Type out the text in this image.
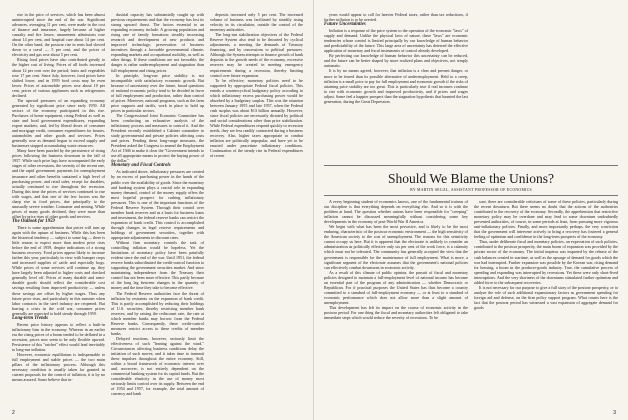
rise in the price of services, which has been almost uninterrupted since the end of the war. Significant advances, averaging 11 per cent, were made in the cost of finance and insurance, largely because of higher casualty and fire losses; amusement admissions rose about 14 per cent, and hospital care about 14 per cent. On the other hand, the postwar rise in rents had slowed down to a crawl — 5 per cent, and the prices of electricity and gas rose about 5 per cent.

Rising food prices have also contributed greatly to the higher cost of living. Prices of all foods increased about 12 per cent over the period; fruits and vegetables rose 17 per cent. Since July, however, food prices have shifted lower, and in 1959 food costs may be even lower. Prices of automobile prices rose about 10 per cent, prices of various appliances such as refrigerators declined.

The upward pressures of an expanding economy generated by significant price since early 1959. All sectors of the economy participated in this rise. Purchases of home equipment, rising Federal as well as state and local government expenditures, expanding export markets; and, fed by liberal doses of consumer and mortgage credit, consumer expenditures for houses, automobiles and other goods and services. Prices generally rose as demand began to exceed supply and businesses stopped accumulating waste resources.

Many have been puzzled by the persistence of rising prices following the business downturn in the fall of 1957. While such price lags have accompanied the early stages of other recessions, the severity of the recent one, and the rapid government payments for unemployment insurance and other benefits sustained a high level of purchasing power, and retail sales, except for durables, actually continued to rise throughout the recession. During this time the prices of services continued to rise with wages, and that one of the few factors was the sharp rise in food prices, due principally to the unusually severe weather. Consumer and mining. While prices of many goods declined, they were more than offset by price rises of other goods and services.

The Outlook for 1959

There is some apprehension that prices will turn up again with the upturn of business. While this has been the historical tendency — subject to some lag — there is little reason to expect more than modest price rises before the end of 1959, despite indications of a strong business recovery. Food prices appear likely to increase farther this year, particularly in view with bumper crops and increased supplies of cattle and especially hogs. While prices of some services will continue up, they have largely been adjusted to higher costs and checked generally level off. Prices of many durable and semi-durable goods should reflect the considerable cost savings resulting from improved productivity — unless these savings are offset by higher wages. Thus any future price rises, and particularly in this summer when labor contracts in the steel industry are reopened. But barring a crisis in the cold war, consumer prices generally are expected to hold steady through 1959.

Long-term Trends

Recent price history appears to reflect a built-in inflationary bias in the economy. Whereas in an earlier era the rising prices of a boom tended to be deflated in a recession, prices now seem to be only flexible upward. Persistence of this "ratchet" effect would lead inevitably to long-run inflation.

However, economic equilibrium is indispensable to full employment and stable prices — the two main pillars of the inflationary process. Although this necessary condition is usually taken for granted in current proposals for the control of inflation, it is by no means assured. Some believe that in-

dustrial capacity has substantially caught up with previous requirements and that the economy has lost its strong upward thrust. The factors essential to an expanding economy include: A growing population and rising rate of family formation; steadily increasing research and development of new products and improved technology; preservation of business incentives through a favorable governmental climate; expanding markets and occupational mobility, as well as other things. If these conditions are not favorable, the danger is rather underemployment and stagnation than full employment and rising prices.

In principle, long-run price stability is not incompatible with satisfactory economic growth. But because of uncertainty over the future, broad questions of national economic policy tend to be decided in favor of full employment and production, rather than control of prices. Moreover, national programs, such as the farm price supports and tariffs, work in place to hold up prices in particular sectors.

The Congressional Joint Economic Committee has been conducting an exhaustive analysis of the inflationary process and measures to control it. And the President recently established a Cabinet committee to study governmental and private policies affecting costs and prices. Pending these long-range measures, the President asked the Congress to amend the Employment Act of 1946 to make it clear the "Government intends to use all appropriate means to protect the buying power of the dollar."

Monetary and Fiscal Controls

As indicated above, inflationary pressures are created by an excess of purchasing power in the hands of the public over the availability of goods. Since the monetary and banking system plays a crucial role in expanding money demand, control of the money supply offers the most hopeful prospect for curbing inflationary pressures. This is one of the important functions of the Federal Reserve System. Through their control over member bank reserves and as a basis for business loans and investment, the federal reserve banks can restrict the expansion of bank credit. This control is accomplished through changes in legal reserve requirements and holdings of government securities, together with appropriate adjustments in discount rates.

Without firm monetary controls the task of controlling inflation would be hopeless. Yet the limitations of monetary policy have been painfully evident since the end of the war. Until 1951, the federal reserve banks subordinated the credit-control function to supporting the government securities market. And since maintaining independence from the Treasury their control has not been more effective. This partly because of the long lag between changes in the quantity of money and the time they take to become effective.

The Federal Reserve authorities face the threat of inflation by restraints on the expansion of bank credit. This is partly accomplished by reducing their holdings of U.S. securities, thereby restricting member bank reserves, and by raising the rediscount rate, the rate at which member banks may borrow from the Federal Reserve banks. Consequently, these credit-control measures restrict access to these credits of member banks.

Delayed reactions, however, seriously limit the effectiveness of such "leaning against the wind." Circumstances affecting business conditions delay the initiation of such moves; and it takes time to transmit these impulses throughout the entire economy. Still, within a broad framework of economic interest over and, moreover, is not entirely dependent on the commercial banking system for its capital funds. But the considerable elasticity in the use of money most seriously limits control over its supply. Between the end of 1954 and 1957, for example, the total amount of currency and bank

deposits increased only 5 per cent. The increased volume of business was facilitated by steadily rising velocity in its circulation, outside the control of the monetary authorities.

The long-run stabilization objectives of the Federal Reserve System also tend to be thwarted by cyclical adjustments, a meeting the demands of Treasury financing, and by concessions to political pressures. Although the System attempts to finance growth of bank deposits to the growth needs of the economy, excessive reserves may be created in meeting emergency requirements during a recession, thereby limiting control over future expansion.

To be effective, monetary policies need to be supported by appropriate Federal fiscal policies. This entails a countercyclical budgetary policy according to which inflationary excess purchasing power would be absorbed by a budgetary surplus. This was the situation between January 1955 and late 1957, when the Federal cash surplus was about $13 billion annually. However, since fiscal policies are necessarily dictated by political and social considerations other than price stabilization. While Federal expenditures respond quickly to recession needs, they are less readily contracted during a business recovery. Also, higher taxes appropriate to combat inflation are politically unpopular, and have yet to be enacted under peacetime inflationary conditions. Continuation of the steady rise in Federal expenditures of recent

2

years would appear to call for heavier Federal taxes, rather than tax reductions, if further inflation is to be averted.

Future Uncertainties

Inflation is a response of the price system to the operation of the economic "laws" of supply and demand. Unlike the physical laws of nature, these "laws" are economic tendencies whose control is limited principally by our knowledge of human behavior and predictability of the future. This large area of uncertainty has deterred the effective application of monetary and fiscal instruments of control already developed.

By perfecting our knowledge of human behavior this uncertainty can be reduced, and the future can be better shaped by more realized plans and objectives, not simply automatic.

It is by no means agreed, however, that inflation is a clear and present danger, or more to be feared than its possible alternative of underemployment. Held to a creep, inflation is a small price to pay for full employment and economic growth if the risks of attaining price stability are too great. This is particularly true if real incomes continue to rise with economic growth and improved productivity, and if prices and wages adjust. Some feel a happier prospect than the stagnation hypothesis that haunted the last generation, during the Great Depression.

Should We Blame the Unions?
BY MARTIN SEGAL, ASSISTANT PROFESSOR OF ECONOMICS

A every beginning student of economics knows, one of the fundamental truisms of our discipline is that everything depends on everything else. And so it is with the problem at hand. The question whether unions have been responsible for "creeping" inflation cannot be discussed meaningfully without considering some key developments in the economy of post-World War II America.

We begin with what has been the most pervasive, and is likely to be the most enduring, characteristic of the postwar economic environment — the high sensitivity of the American society to the cost of unemployment. The reasons for this sensitivity cannot occupy us here. But it is apparent that the electorate is unlikely to consider an administration as politically effective only six per cent of the work force, is a calamity which must not be tolerated. The community has generally accepted the view that the government is responsible for the maintenance of full employment. What is more, a significant segment of the electorate assumes that the government's national policies can effectively combat downturns in economic activity.

As a result of this climate of public opinion, the pursuit of fiscal and monetary policies designed to maintain a full-employment level of national income has become an essential part of the program of any administration — whether Democratic or Republican. For if practical purposes the United States has thus become a country committed to a standard of full-employment economy — or at least to a standard of economic performance which does not allow more than a slight amount of unemployment.

This development has left its impact on the course of economic activity in the postwar period. For one thing the fiscal and monetary authorities felt obligated to take immediate steps which would reduce the severity of recessions. To be

sure, there are considerable criticisms of some of these policies, particularly during the recent downturn. But there seems no doubt that the actions of the authorities contributed to the recovery of the economy. Secondly, the apprehension that restrictive monetary policy may be overdone and may lead to some downturn undoubtedly prevented authorities, of course, in some periods at least, from pursuing more vigorous anti-inflationary policies. Finally, and more importantly perhaps, the very conviction that the government will intervene actively to bring a recovery has fostered a general feeling of optimism and confidence in the long-term prospects of the economy.

Thus, under deliberate fiscal and monetary policies, an expectation of such policies, contributed to the postwar prosperity, the main boom of expansion was provided by the private sector of the economy. The initial impetus was imparted by the release of the cash balances created in wartime, as well as the upsurge of demand for goods which the war had interrupted. Further expansion was possible by the Korean war, rising demand for housing, a boom in the producer-goods industry. True, the cumulative process of spending and expanding was interrupted by recessions. Yet these were only short-lived interruptions. And the very shortness of the downturns stimulated further optimism and added force to the subsequent recoveries.

It is not necessary for our purpose to give a full story of the postwar prosperity, or to analyze the role of such additional expansionary factors as government spending for foreign aid and defense, on the firm policy support program. What counts here is the fact that the postwar period has witnessed a vast expansion of aggregate demand for goods

3
